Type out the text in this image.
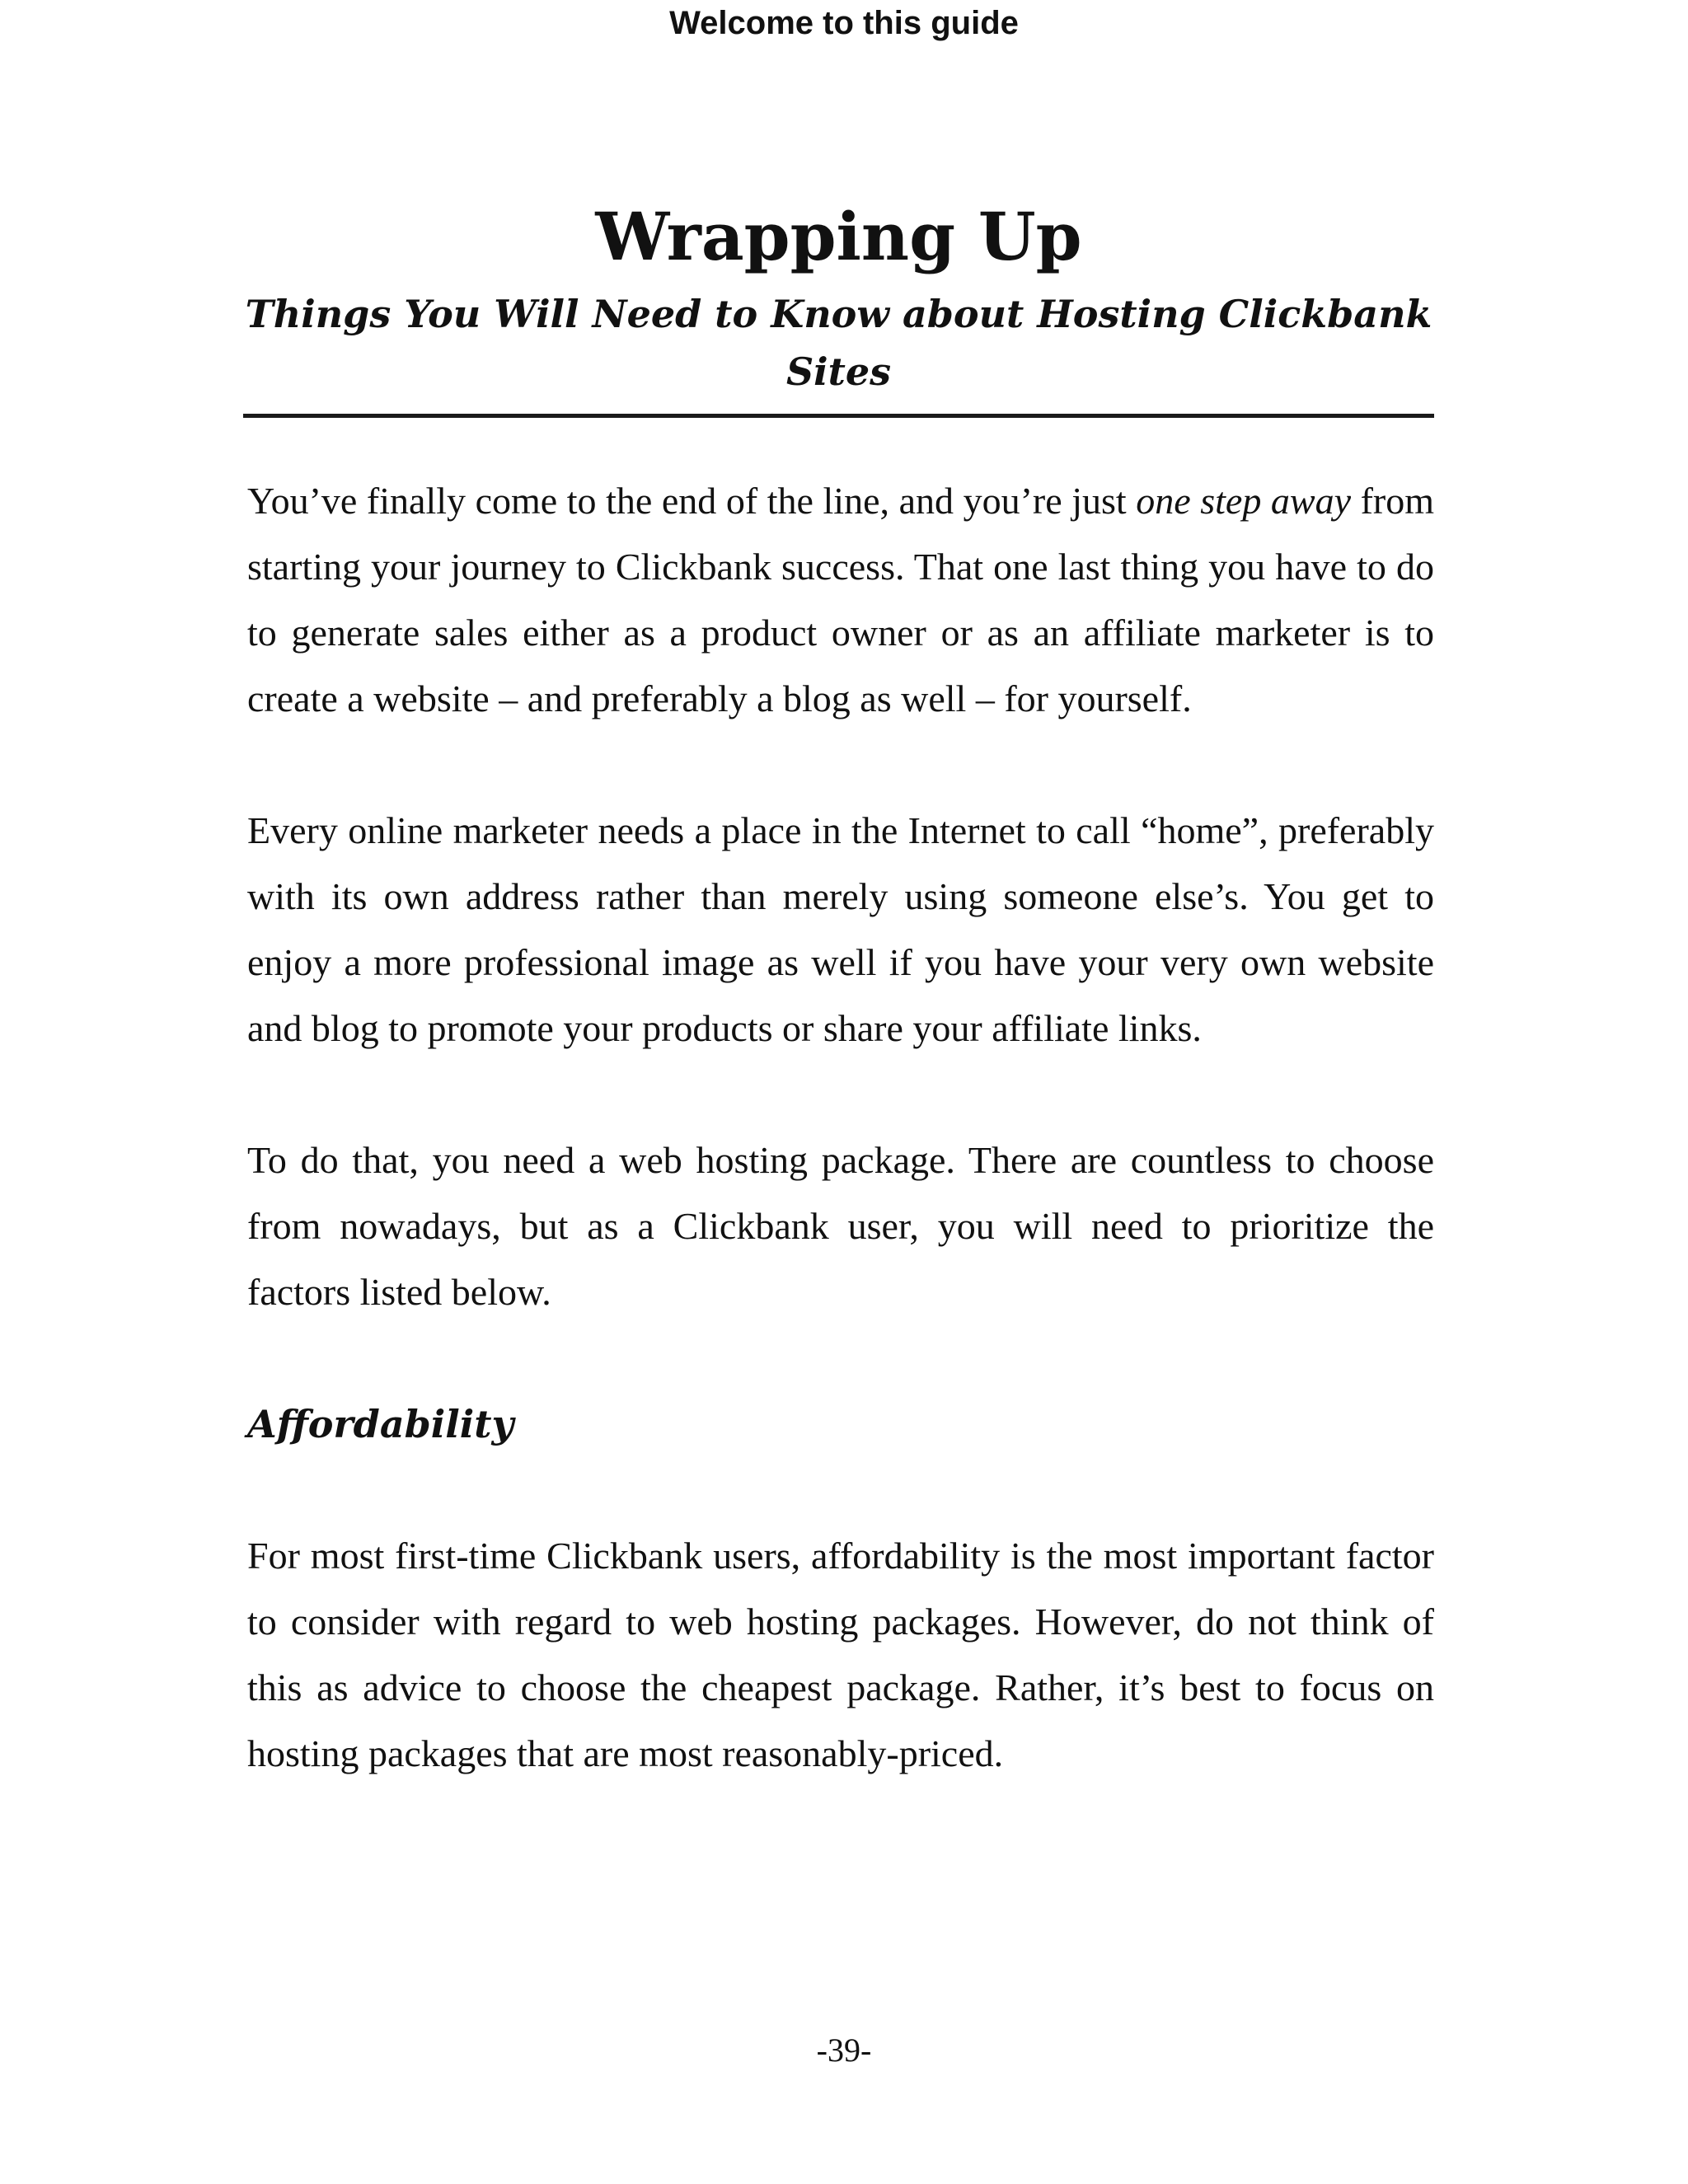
Welcome to this guide

Wrapping Up
Things You Will Need to Know about Hosting Clickbank Sites

You’ve finally come to the end of the line, and you’re just one step away from starting your journey to Clickbank success. That one last thing you have to do to generate sales either as a product owner or as an affiliate marketer is to create a website – and preferably a blog as well – for yourself.

Every online marketer needs a place in the Internet to call “home”, preferably with its own address rather than merely using someone else’s. You get to enjoy a more professional image as well if you have your very own website and blog to promote your products or share your affiliate links.

To do that, you need a web hosting package. There are countless to choose from nowadays, but as a Clickbank user, you will need to prioritize the factors listed below.

Affordability

For most first-time Clickbank users, affordability is the most important factor to consider with regard to web hosting packages. However, do not think of this as advice to choose the cheapest package. Rather, it’s best to focus on hosting packages that are most reasonably-priced.

-39-
